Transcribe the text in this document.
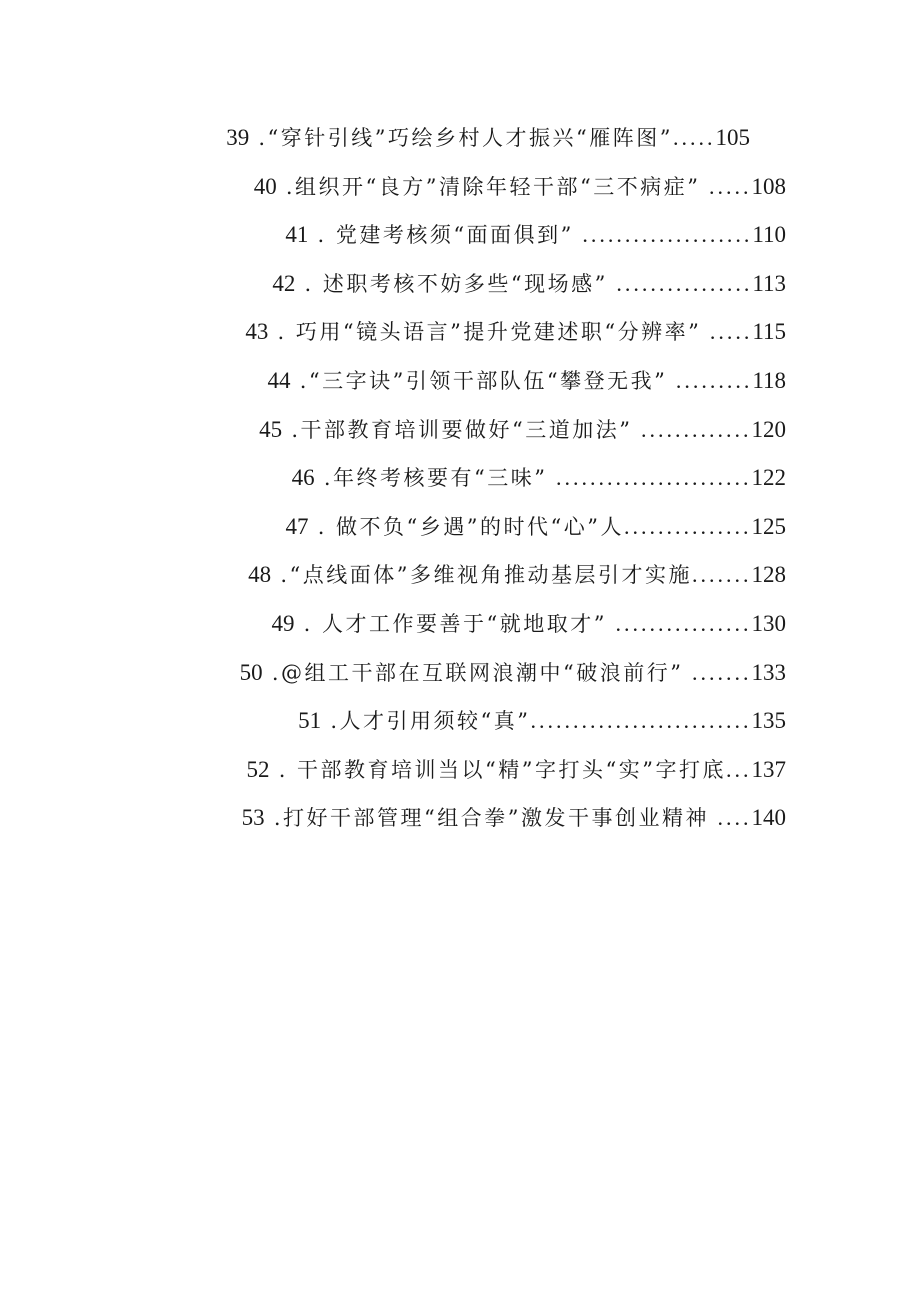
39 .“穿针引线”巧绘乡村人才振兴“雁阵图”.....105
40 .组织开“良方”清除年轻干部“三不病症” .....108
41 . 党建考核须“面面俱到” ....................110
42 . 述职考核不妨多些“现场感” ................113
43 . 巧用“镜头语言”提升党建述职“分辨率” .....115
44 .“三字诀”引领干部队伍“攀登无我” .........118
45 .干部教育培训要做好“三道加法” .............120
46 .年终考核要有“三味” .......................122
47 . 做不负“乡遇”的时代“心”人...............125
48 .“点线面体”多维视角推动基层引才实施.......128
49 . 人才工作要善于“就地取才” ................130
50 .@组工干部在互联网浪潮中“破浪前行” .......133
51 .人才引用须较“真”..........................135
52 . 干部教育培训当以“精”字打头“实”字打底...137
53 .打好干部管理“组合拳”激发干事创业精神 ....140
